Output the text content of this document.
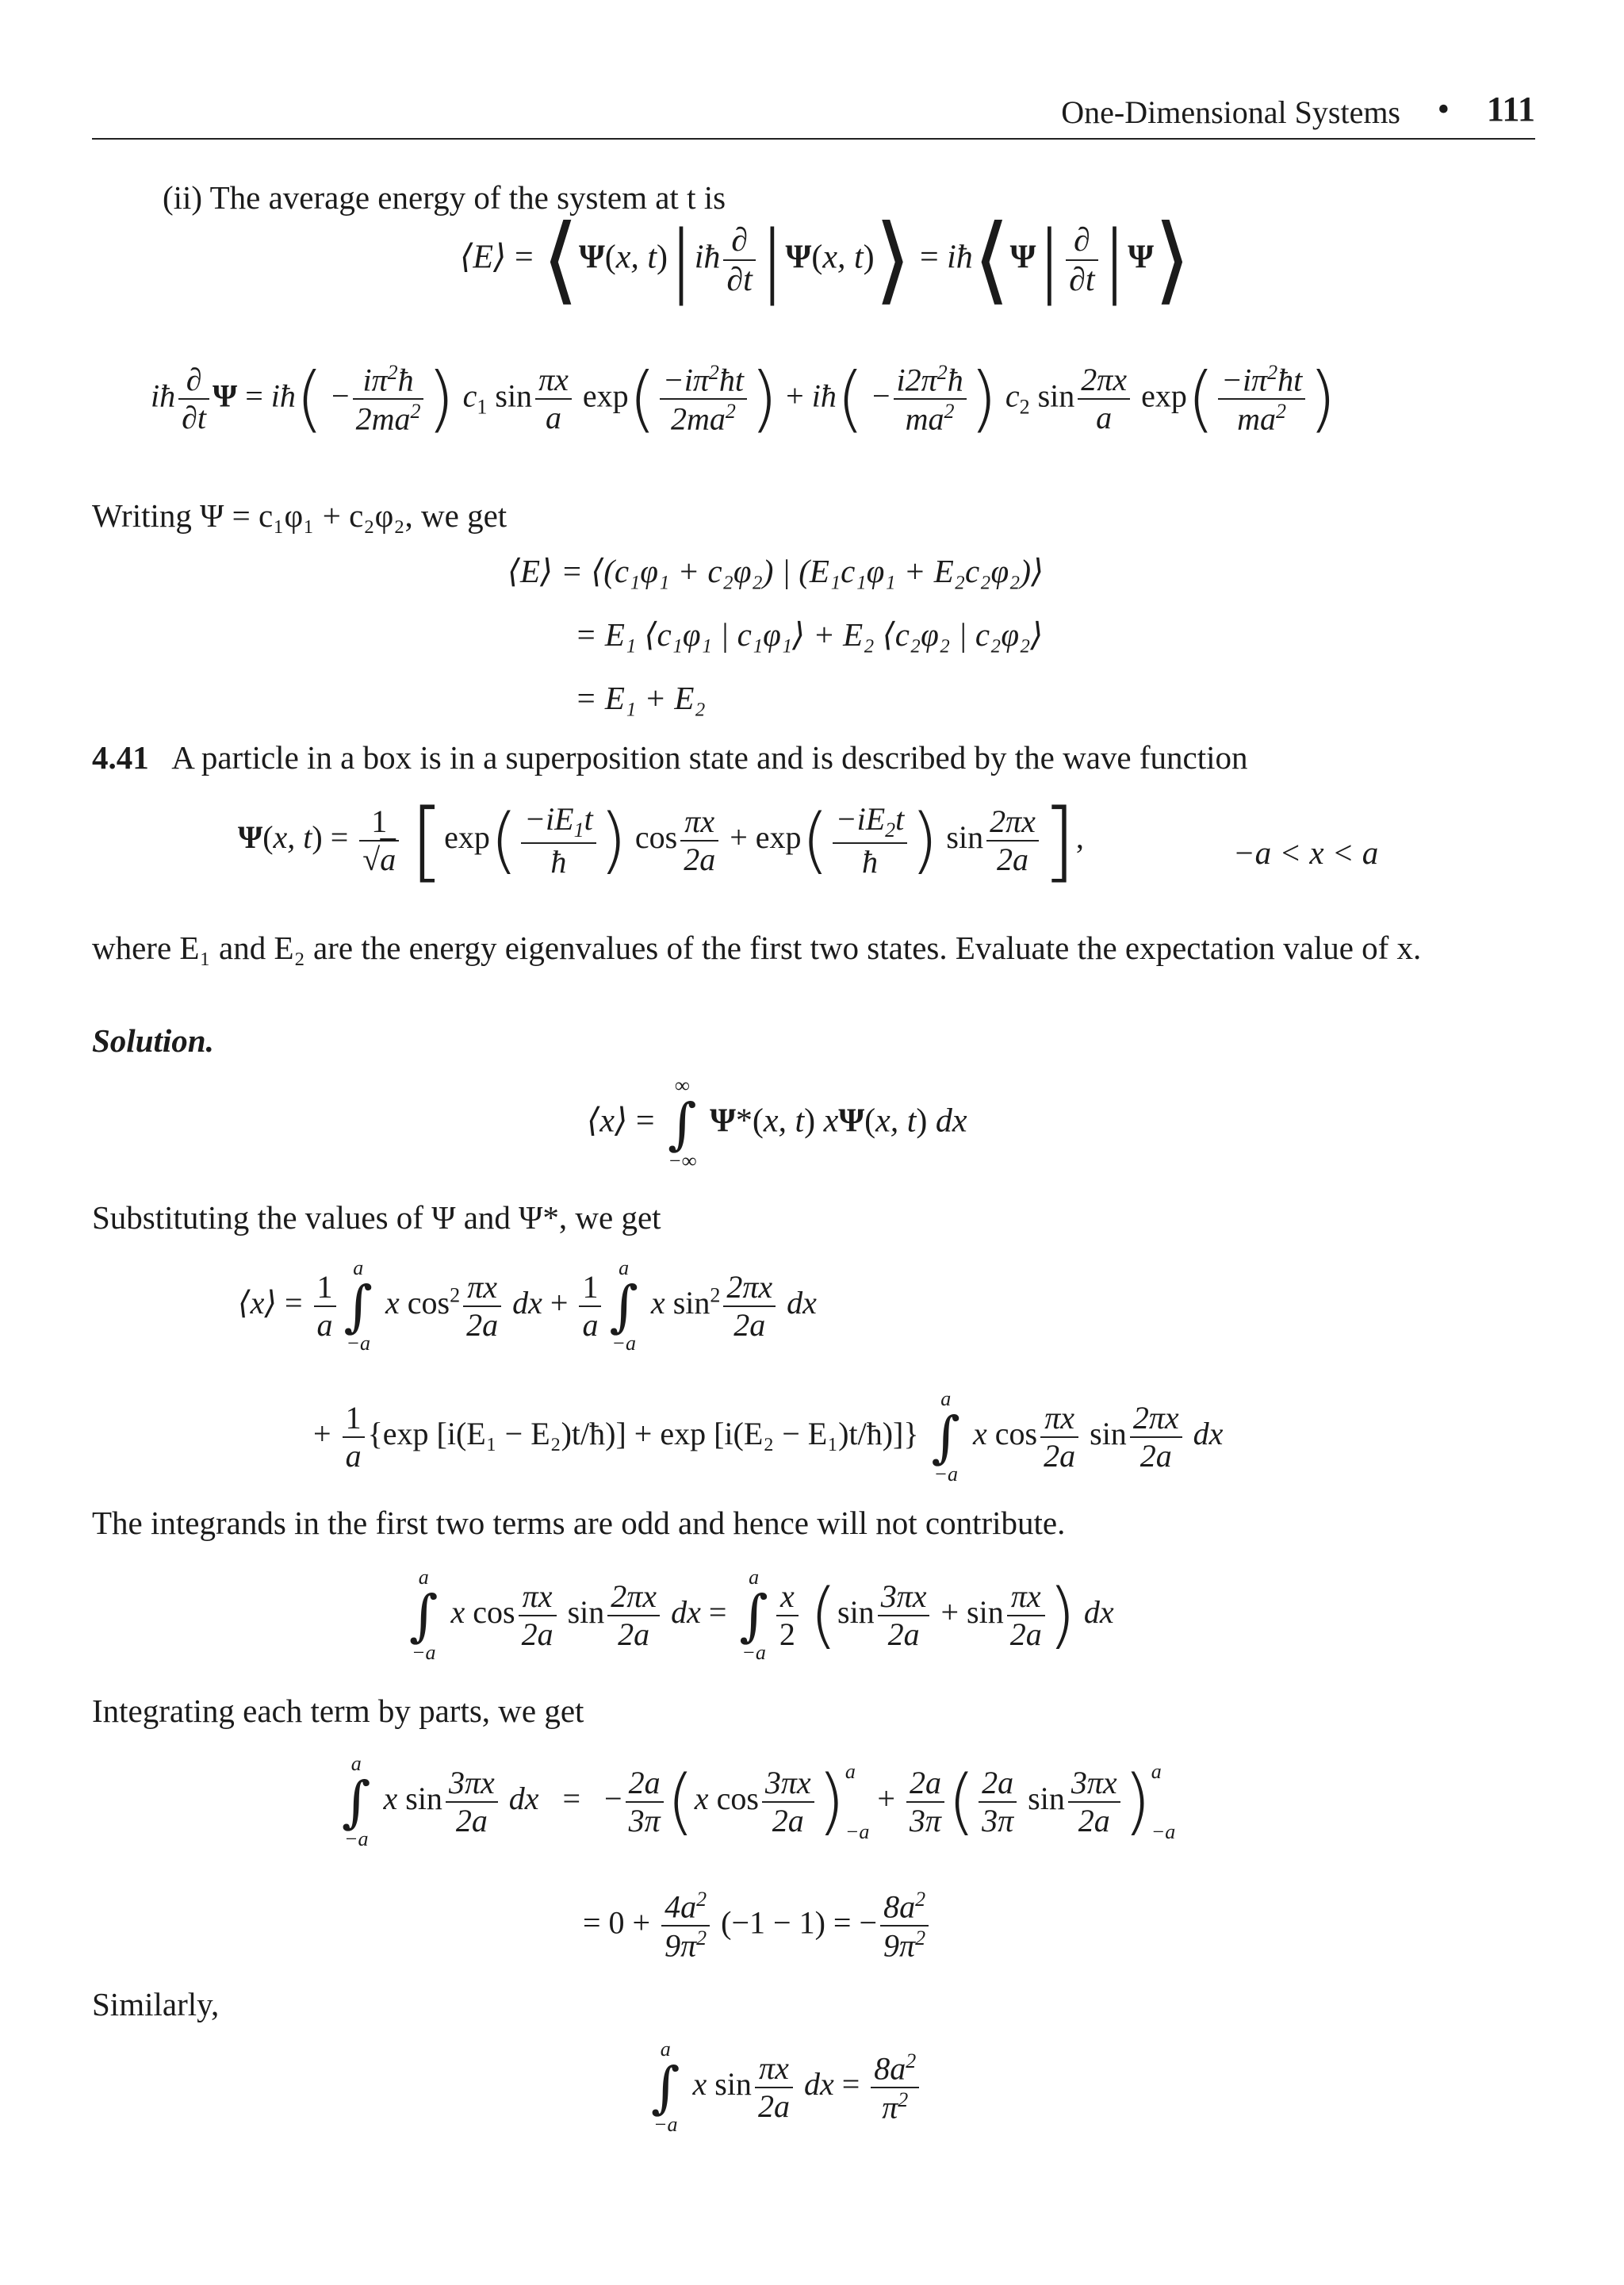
One-Dimensional Systems • 111
(ii) The average energy of the system at t is
⟨E⟩ = ⟨Ψ(x, t)|iħ $\frac{\partial}{\partial t} |\Psi(x$, t)⟩ = iħ⟨Ψ| $\frac{\partial}{\partial t}$ |Ψ⟩
iħ $\frac{\partial}{\partial t}$ Ψ = iħ( − $\frac{i\pi^2ħ}{2ma^2}$ ) $c_1$ $\sin \frac{\pi x}{a} \exp( \frac{-i\pi^2ħt}{2ma^2}$ ) + iħ( − $\frac{i2\pi^2ħ}{ma^2}$ ) $c_2$ $\sin \frac{2\pi x}{a} \exp( \frac{-i\pi^2ħt}{ma^2}$ )
Writing Ψ = c₁φ₁ + c₂φ₂, we get
⟨E⟩ = ⟨(c₁φ₁ + c₂φ₂) | (E₁c₁φ₁ + E₂c₂φ₂)⟩
= E₁ ⟨c₁φ₁ | c₁φ₁⟩ + E₂ ⟨c₂φ₂ | c₂φ₂⟩
= E₁ + E₂
4.41 A particle in a box is in a superposition state and is described by the wave function
Ψ(x, $t) = \frac{1}{√a} [\exp( \frac{-iE_1t}{ħ}$ ) $\cos \frac{\pi x}{2a} + \exp( \frac{-iE_2t}{ħ}$ ) $\sin \frac{2\pi x}{2a}$ ],	−a < x < a
where E₁ and E₂ are the energy eigenvalues of the first two states. Evaluate the expectation value of x.
Solution.
⟨x⟩ =
∞
∫
−∞
Ψ*(x, t) xΨ(x, t) dx
Substituting the values of Ψ and Ψ*, we get
⟨x⟩ = $\frac{1}{a}$
a
∫
−a
x $\cos^2 \frac{\pi x}{2a}$ dx + $\frac{1}{a}$
a
∫
−a
x $\sin^2 \frac{2\pi x}{2a}$ dx
+ $\frac{1}{a} \{\exp$ [i(E₁ − E₂)t/ħ)] + exp [i(E₂ − E₁)t/ħ)]}
a
∫
−a
x $\cos \frac{\pi x}{2a}$ $\sin \frac{2\pi x}{2a}$ dx
The integrands in the first two terms are odd and hence will not contribute.
a
∫
−a
x $\cos \frac{\pi x}{2a}$ $\sin \frac{2\pi x}{2a}$ dx =
a
∫
$-a \frac{x}{2} (\sin \frac{3\pi x}{2a} + \sin \frac{\pi x}{2a}$ ) dx
Integrating each term by parts, we get
a
∫
−a
x $\sin \frac{3\pi x}{2a}$ dx   =   − $\frac{2a}{3\pi} (x$ $\cos \frac{3\pi x}{2a}$ ) a
−a
+ $\frac{2a}{3\pi}$ ( $\frac{2a}{3\pi}$ $\sin \frac{3\pi x}{2a}$ ) a
−a
= $0 + \frac{4a^2}{9\pi^2} (-1 - 1)$ = − $\frac{8a^2}{9\pi^2}$
Similarly,
a
∫
−a
x $\sin \frac{\pi x}{2a}$ dx = $\frac{8a^2}{\pi^2}$
